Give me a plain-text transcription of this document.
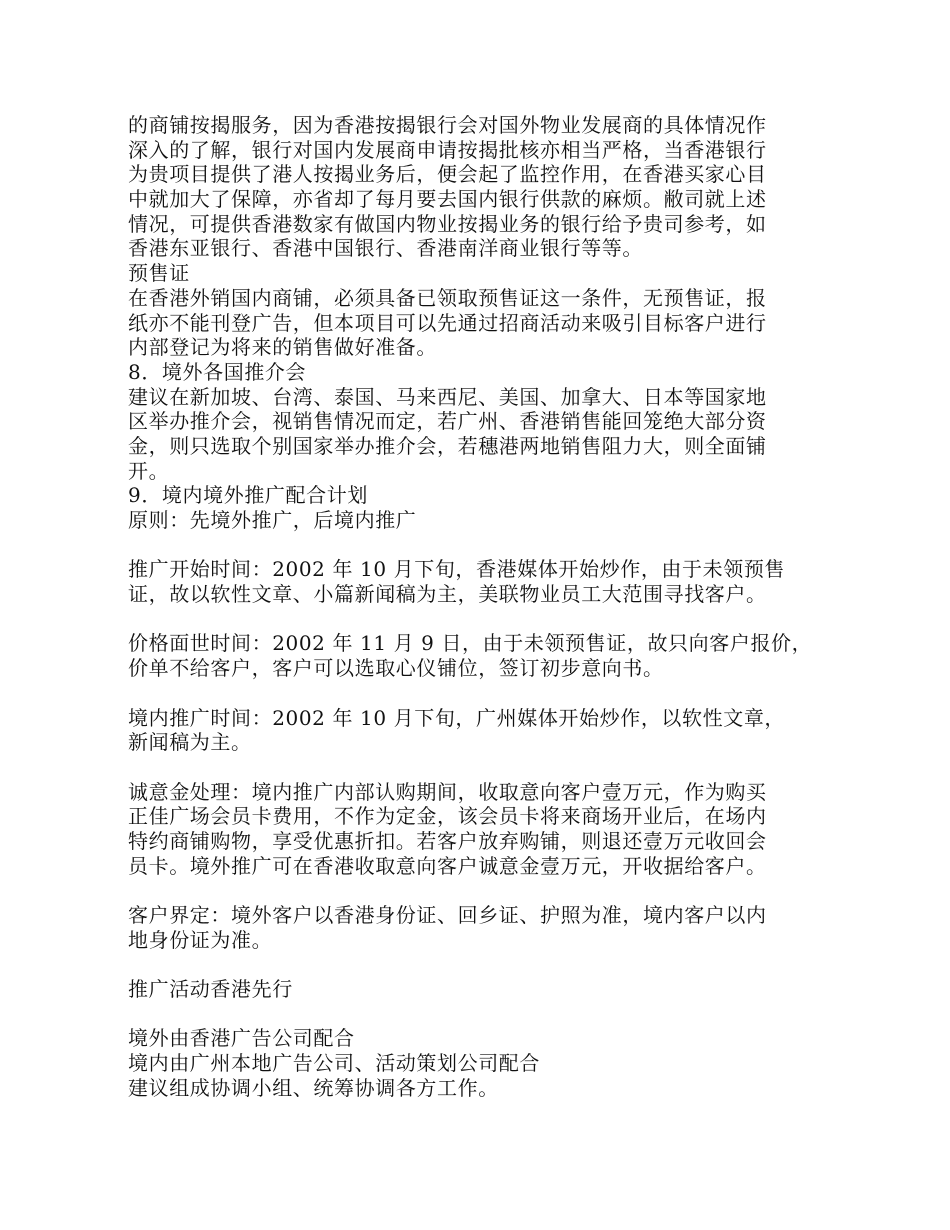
的商铺按揭服务，因为香港按揭银行会对国外物业发展商的具体情况作
深入的了解，银行对国内发展商申请按揭批核亦相当严格，当香港银行
为贵项目提供了港人按揭业务后，便会起了监控作用，在香港买家心目
中就加大了保障，亦省却了每月要去国内银行供款的麻烦。敝司就上述
情况，可提供香港数家有做国内物业按揭业务的银行给予贵司参考，如
香港东亚银行、香港中国银行、香港南洋商业银行等等。
预售证
在香港外销国内商铺，必须具备已领取预售证这一条件，无预售证，报
纸亦不能刊登广告，但本项目可以先通过招商活动来吸引目标客户进行
内部登记为将来的销售做好准备。
8．境外各国推介会
建议在新加坡、台湾、泰国、马来西尼、美国、加拿大、日本等国家地
区举办推介会，视销售情况而定，若广州、香港销售能回笼绝大部分资
金，则只选取个别国家举办推介会，若穗港两地销售阻力大，则全面铺
开。
9．境内境外推广配合计划
原则：先境外推广，后境内推广
推广开始时间：2002 年 10 月下旬，香港媒体开始炒作，由于未领预售
证，故以软性文章、小篇新闻稿为主，美联物业员工大范围寻找客户。
价格面世时间：2002 年 11 月 9 日，由于未领预售证，故只向客户报价，
价单不给客户，客户可以选取心仪铺位，签订初步意向书。
境内推广时间：2002 年 10 月下旬，广州媒体开始炒作，以软性文章，
新闻稿为主。
诚意金处理：境内推广内部认购期间，收取意向客户壹万元，作为购买
正佳广场会员卡费用，不作为定金，该会员卡将来商场开业后，在场内
特约商铺购物，享受优惠折扣。若客户放弃购铺，则退还壹万元收回会
员卡。境外推广可在香港收取意向客户诚意金壹万元，开收据给客户。
客户界定：境外客户以香港身份证、回乡证、护照为准，境内客户以内
地身份证为准。
推广活动香港先行
境外由香港广告公司配合
境内由广州本地广告公司、活动策划公司配合
建议组成协调小组、统筹协调各方工作。
